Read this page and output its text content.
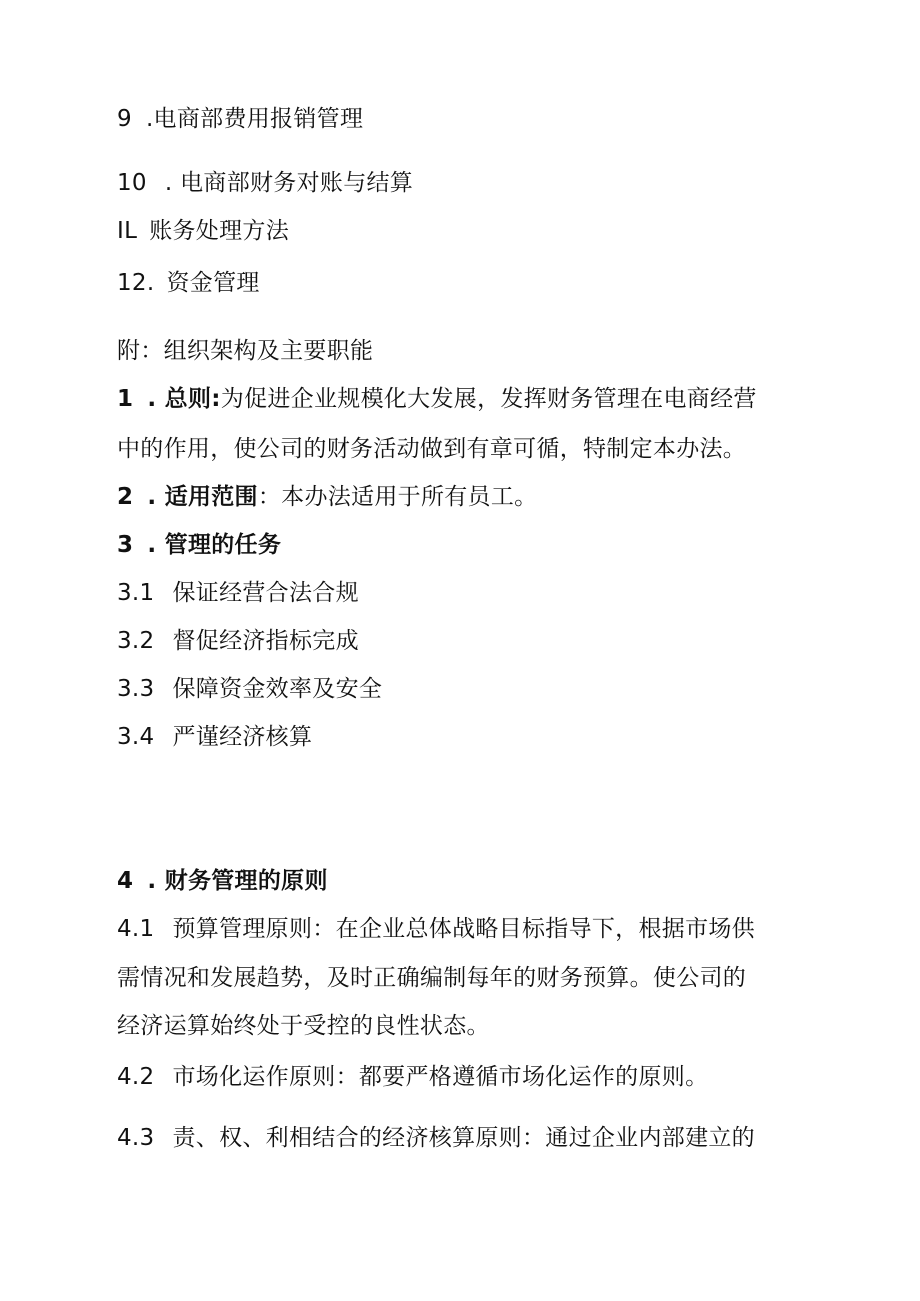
9 .电商部费用报销管理
10 . 电商部财务对账与结算
IL 账务处理方法
12. 资金管理
附：组织架构及主要职能
1 . 总则:为促进企业规模化大发展，发挥财务管理在电商经营
中的作用，使公司的财务活动做到有章可循，特制定本办法。
2 . 适用范围：本办法适用于所有员工。
3 . 管理的任务
3.1 保证经营合法合规
3.2 督促经济指标完成
3.3 保障资金效率及安全
3.4 严谨经济核算
4 . 财务管理的原则
4.1 预算管理原则：在企业总体战略目标指导下，根据市场供
需情况和发展趋势，及时正确编制每年的财务预算。使公司的
经济运算始终处于受控的良性状态。
4.2 市场化运作原则：都要严格遵循市场化运作的原则。
4.3 责、权、利相结合的经济核算原则：通过企业内部建立的
